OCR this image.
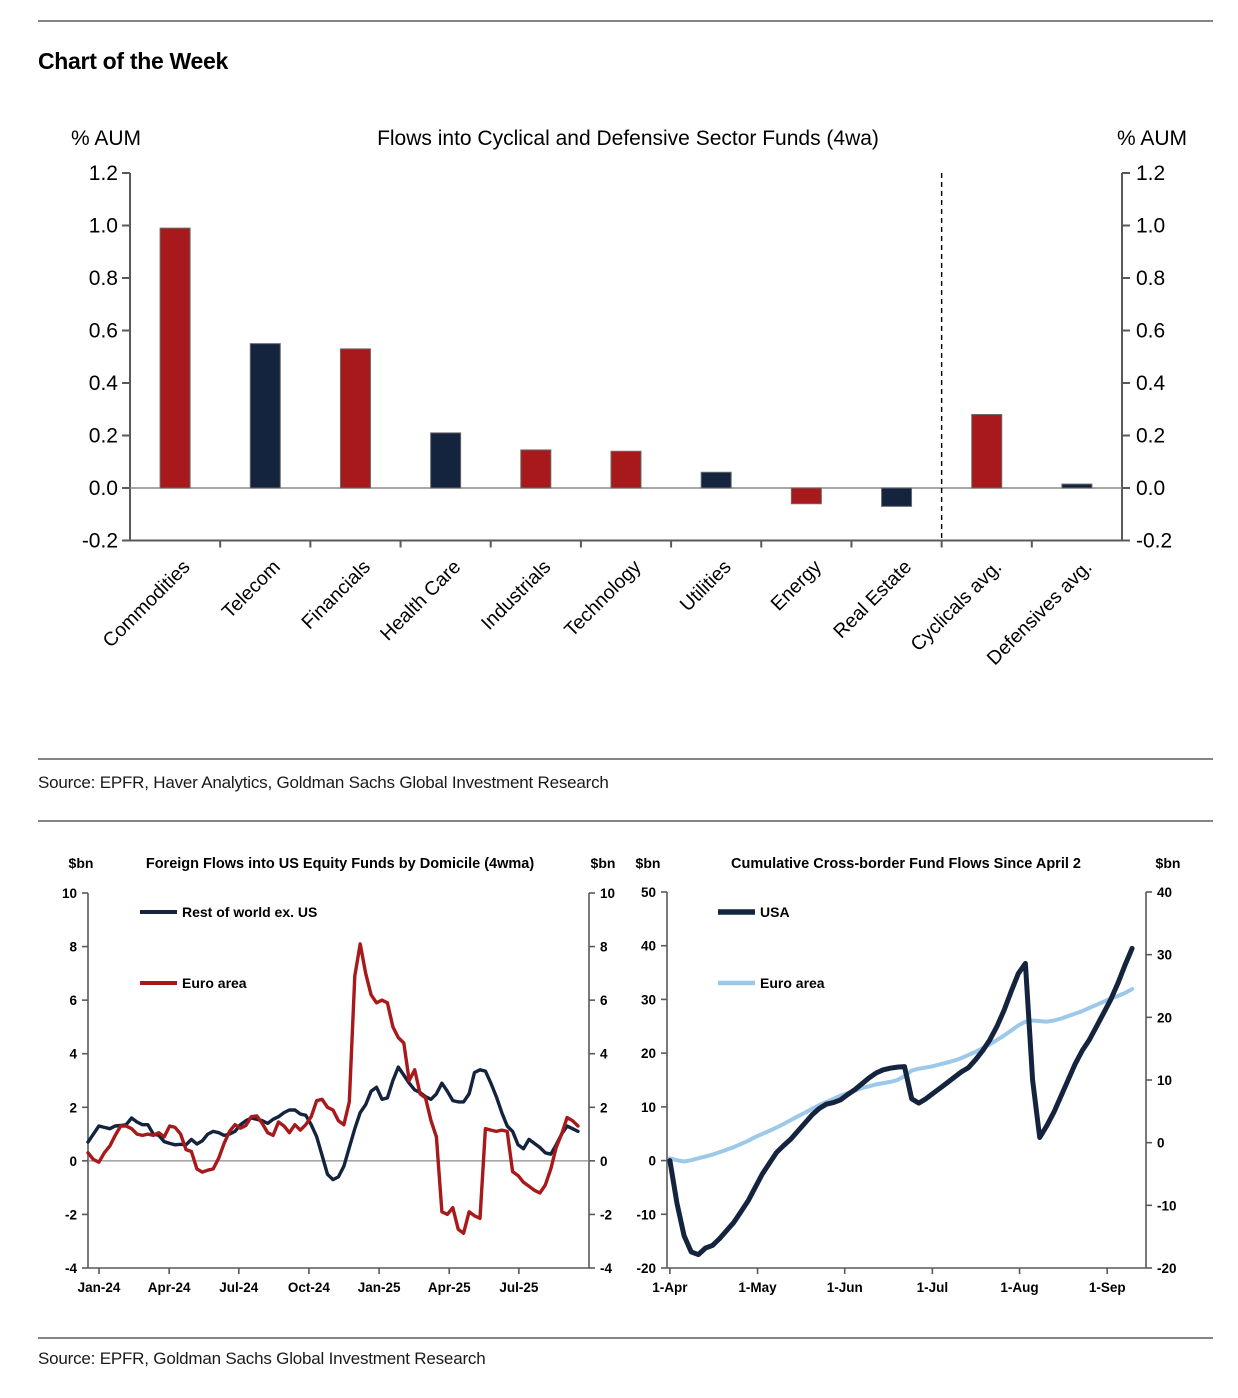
Chart of the Week
% AUM	Flows into Cyclical and Defensive Sector Funds (4wa)	% AUM
1.2	1.2
1.0	1.0
0.8	0.8
0.6	0.6
0.4	0.4
0.2	0.2
0.0	0.0
-0.2	-0.2
Commodities Telecom Financials Health Care Industrials Technology Utilities Energy Real Estate
Cyclicals avg.
Defensives avg.
Source: EPFR, Haver Analytics, Goldman Sachs Global Investment Research
$bn	Foreign Flows into US Equity Funds by Domicile (4wma)	$bn
10
8
6
4
2
0
-2
-4
10
8
6
4
2
0
-2
-4
Jan-24 Apr-24 Jul-24 Oct-24 Jan-25 Apr-25 Jul-25
Rest of world ex. US
Euro area
$bn	Cumulative Cross-border Fund Flows Since April 2	$bn
50
40
30
20
10
0
-10
-20
40
30
20
10
0
-10
-20
1-Apr	1-May	1-Jun	1-Jul	1-Aug	1-Sep
USA
Euro area
Source: EPFR, Goldman Sachs Global Investment Research
